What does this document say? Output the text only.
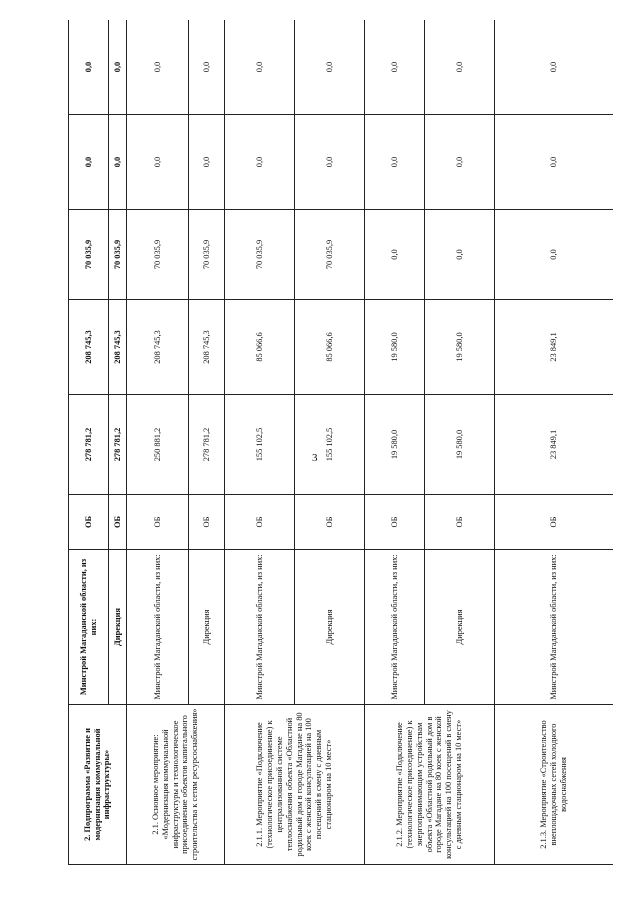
3
2. Подпрограмма «Развитие и модернизация коммунальной инфраструктуры»	Минстрой Магаданской области, из них:	ОБ	278 781,2	208 745,3	70 035,9	0,0	0,0
	Дирекция	ОБ	278 781,2	208 745,3	70 035,9	0,0	0,0
2.1. Основное мероприятие: «Модернизация коммунальной инфраструктуры и технологическое присоединение объектов капитального строительства к сетям ресурсоснабжения»	Минстрой Магаданской области, из них:	ОБ	250 881,2	208 745,3	70 035,9	0,0	0,0
	Дирекция	ОБ	278 781,2	208 745,3	70 035,9	0,0	0,0
2.1.1. Мероприятие «Подключение (технологическое присоединение) к централизованной системе теплоснабжения объекта «Областной родильный дом в городе Магадане на 80 коек с женской консультацией на 100 посещений в смену с дневным стационаром на 10 мест»	Минстрой Магаданской области, из них:	ОБ	155 102,5	85 066,6	70 035,9	0,0	0,0
	Дирекция	ОБ	155 102,5	85 066,6	70 035,9	0,0	0,0
2.1.2. Мероприятие «Подключение (технологическое присоединение) к энергопринимающим устройствам объекта «Областной родильный дом в городе Магадане на 80 коек с женской консультацией на 100 посещений в смену с дневным стационаром на 10 мест»	Минстрой Магаданской области, из них:	ОБ	19 580,0	19 580,0	0,0	0,0	0,0
	Дирекция	ОБ	19 580,0	19 580,0	0,0	0,0	0,0
2.1.3. Мероприятие «Строительство внеплощадочных сетей холодного водоснабжения	Минстрой Магаданской области, из них:	ОБ	23 849,1	23 849,1	0,0	0,0	0,0
